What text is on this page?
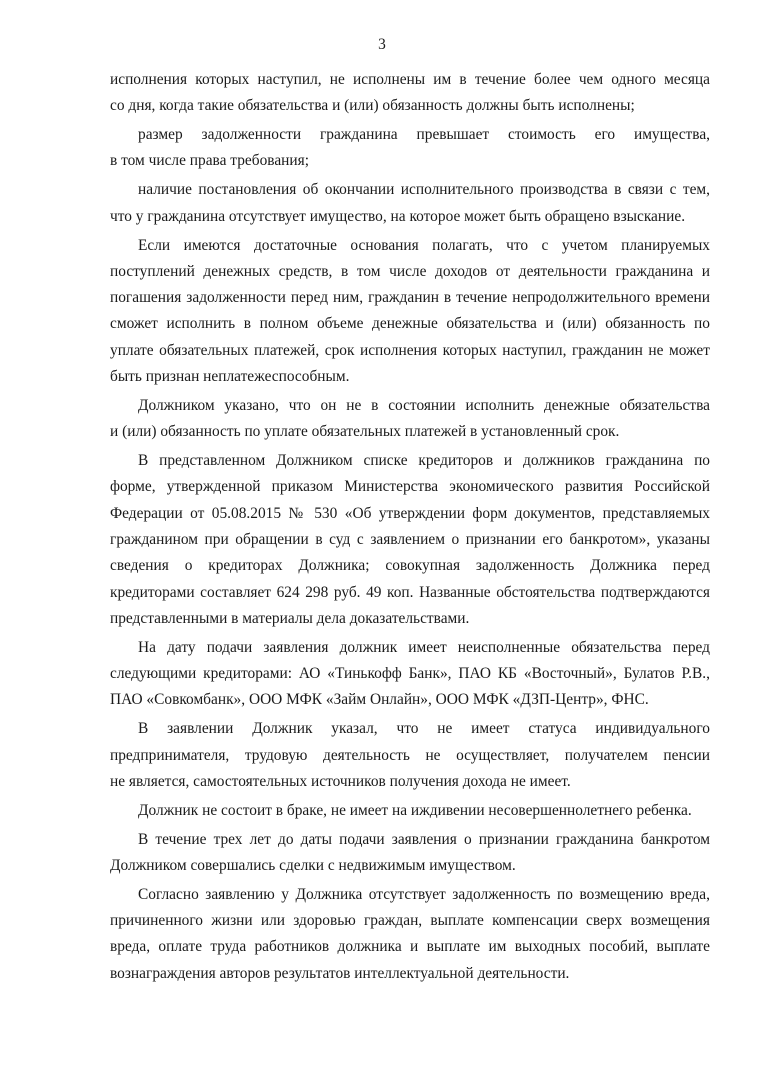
3
исполнения которых наступил, не исполнены им в течение более чем одного месяца
со дня, когда такие обязательства и (или) обязанность должны быть исполнены;
размер задолженности гражданина превышает стоимость его имущества,
в том числе права требования;
наличие постановления об окончании исполнительного производства в связи с тем,
что у гражданина отсутствует имущество, на которое может быть обращено взыскание.
Если имеются достаточные основания полагать, что с учетом планируемых
поступлений денежных средств, в том числе доходов от деятельности гражданина и
погашения задолженности перед ним, гражданин в течение непродолжительного времени
сможет исполнить в полном объеме денежные обязательства и (или) обязанность по
уплате обязательных платежей, срок исполнения которых наступил, гражданин не может
быть признан неплатежеспособным.
Должником указано, что он не в состоянии исполнить денежные обязательства
и (или) обязанность по уплате обязательных платежей в установленный срок.
В представленном Должником списке кредиторов и должников гражданина по
форме, утвержденной приказом Министерства экономического развития Российской
Федерации от 05.08.2015 № 530 «Об утверждении форм документов, представляемых
гражданином при обращении в суд с заявлением о признании его банкротом», указаны
сведения о кредиторах Должника; совокупная задолженность Должника перед
кредиторами составляет 624 298 руб. 49 коп. Названные обстоятельства подтверждаются
представленными в материалы дела доказательствами.
На дату подачи заявления должник имеет неисполненные обязательства перед
следующими кредиторами: АО «Тинькофф Банк», ПАО КБ «Восточный», Булатов Р.В.,
ПАО «Совкомбанк», ООО МФК «Займ Онлайн», ООО МФК «ДЗП-Центр», ФНС.
В заявлении Должник указал, что не имеет статуса индивидуального
предпринимателя, трудовую деятельность не осуществляет, получателем пенсии
не является, самостоятельных источников получения дохода не имеет.
Должник не состоит в браке, не имеет на иждивении несовершеннолетнего ребенка.
В течение трех лет до даты подачи заявления о признании гражданина банкротом
Должником совершались сделки с недвижимым имуществом.
Согласно заявлению у Должника отсутствует задолженность по возмещению вреда,
причиненного жизни или здоровью граждан, выплате компенсации сверх возмещения
вреда, оплате труда работников должника и выплате им выходных пособий, выплате
вознаграждения авторов результатов интеллектуальной деятельности.
